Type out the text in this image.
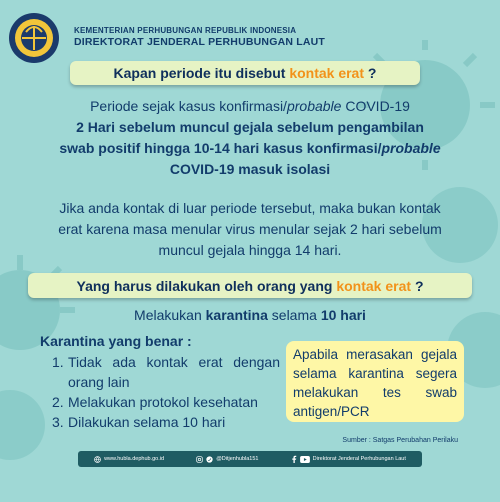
KEMENTERIAN PERHUBUNGAN REPUBLIK INDONESIA
DIREKTORAT JENDERAL PERHUBUNGAN LAUT
Kapan periode itu disebut
kontak erat
?
Periode sejak kasus konfirmasi/probable COVID-19
2 Hari sebelum muncul gejala sebelum pengambilan
swab positif hingga 10-14 hari kasus konfirmasi/probable
COVID-19 masuk isolasi
Jika anda kontak di luar periode tersebut, maka bukan kontak
erat karena masa menular virus menular sejak 2 hari sebelum
muncul gejala hingga 14 hari.
Yang harus dilakukan oleh orang yang
kontak erat
?
Melakukan karantina selama 10 hari
Karantina yang benar :
1. Tidak ada kontak erat dengan orang lain
2. Melakukan protokol kesehatan
3. Dilakukan selama 10 hari
Apabila merasakan gejala selama karantina segera melakukan tes swab antigen/PCR
Sumber : Satgas Perubahan Perilaku
www.hubla.dephub.go.id	@Ditjenhubla151	Direktorat Jenderal Perhubungan Laut
